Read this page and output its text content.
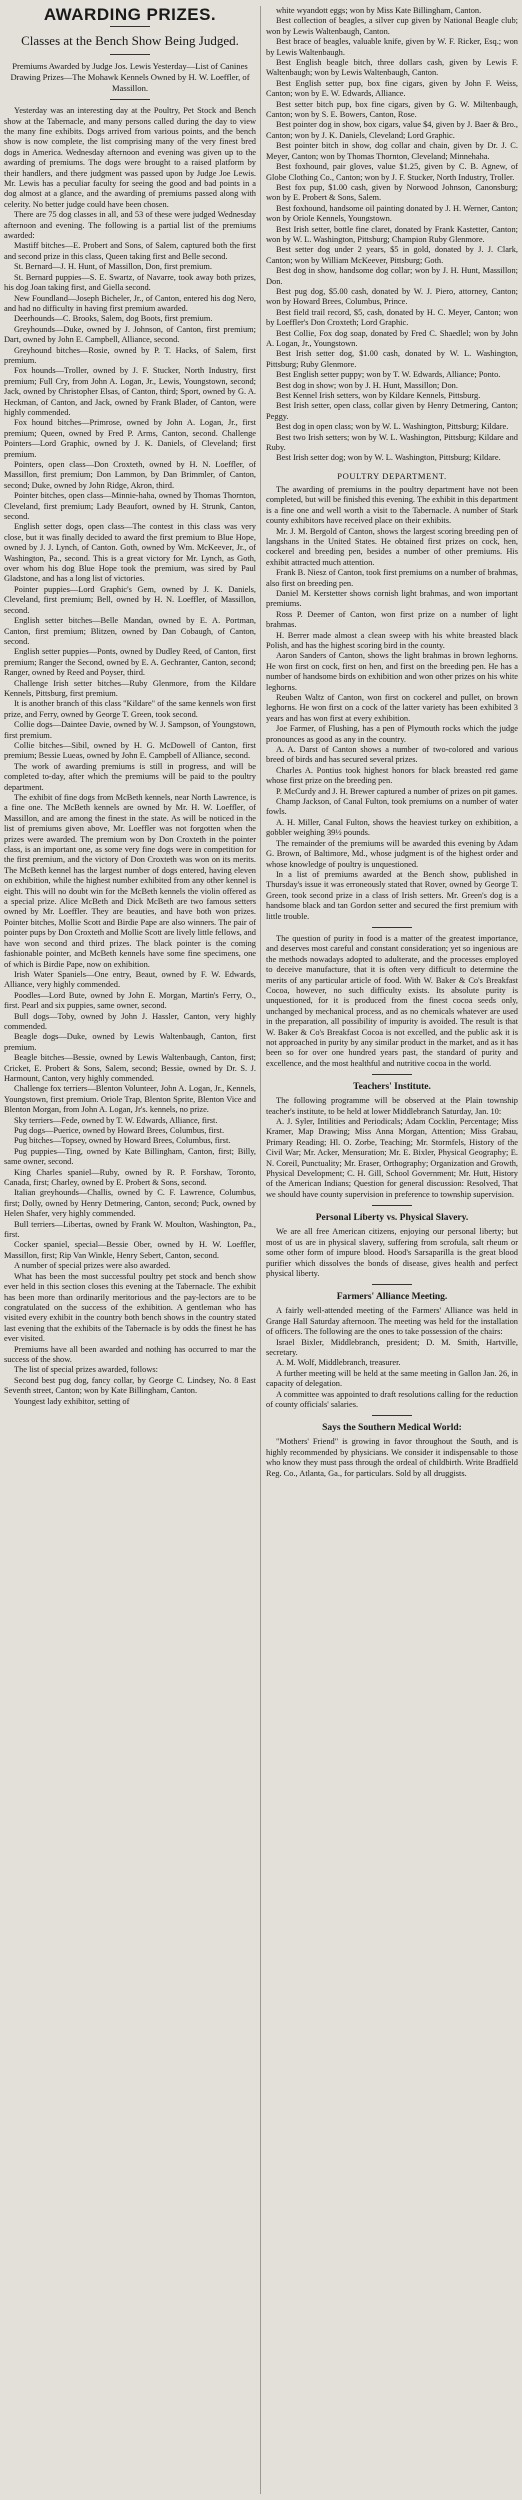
AWARDING PRIZES.
Classes at the Bench Show Being Judged.
Premiums Awarded by Judge Jos. Lewis Yesterday—List of Canines Drawing Prizes—The Mohawk Kennels Owned by H. W. Loeffler, of Massillon.

Yesterday was an interesting day at the Poultry, Pet Stock and Bench show at the Tabernacle, and many persons called during the day to view the many fine exhibits. Dogs arrived from various points, and the bench show is now complete, the list comprising many of the very finest bred dogs in America. Wednesday afternoon and evening was given up to the awarding of premiums. The dogs were brought to a raised platform by their handlers, and there judgment was passed upon by Judge Joe Lewis. Mr. Lewis has a peculiar faculty for seeing the good and bad points in a dog almost at a glance, and the awarding of premiums passed along with celerity. No better judge could have been chosen.

There are 75 dog classes in all, and 53 of these were judged Wednesday afternoon and evening. The following is a partial list of the premiums awarded:

Mastiff bitches—E. Probert and Sons, of Salem, captured both the first and second prize in this class, Queen taking first and Belle second.

St. Bernard—J. H. Hunt, of Massillon, Don, first premium.

St. Bernard puppies—S. E. Swartz, of Navarre, took away both prizes, his dog Joan taking first, and Giella second.

New Foundland—Joseph Bicheler, Jr., of Canton, entered his dog Nero, and had no difficulty in having first premium awarded.

Deerhounds—C. Brooks, Salem, dog Boots, first premium.

Greyhounds—Duke, owned by J. Johnson, of Canton, first premium; Dart, owned by John E. Campbell, Alliance, second.

Greyhound bitches—Rosie, owned by P. T. Hacks, of Salem, first premium.

Fox hounds—Troller, owned by J. F. Stucker, North Industry, first premium; Full Cry, from John A. Logan, Jr., Lewis, Youngstown, second; Jack, owned by Christopher Elsas, of Canton, third; Sport, owned by G. A. Heckman, of Canton, and Jack, owned by Frank Blader, of Canton, were highly commended.

Fox hound bitches—Primrose, owned by John A. Logan, Jr., first premium; Queen, owned by Fred P. Arms, Canton, second. Challenge Pointers—Lord Graphic, owned by J. K. Daniels, of Cleveland; first premium.

Pointers, open class—Don Croxteth, owned by H. N. Loeffler, of Massillon, first premium; Don Lammon, by Dan Brimmler, of Canton, second; Duke, owned by John Ridge, Akron, third.

Pointer bitches, open class—Minnie-haha, owned by Thomas Thornton, Cleveland, first premium; Lady Beaufort, owned by H. Strunk, Canton, second.

English setter dogs, open class—The contest in this class was very close, but it was finally decided to award the first premium to Blue Hope, owned by J. J. Lynch, of Canton. Goth, owned by Wm. McKeever, Jr., of Washington, Pa., second. This is a great victory for Mr. Lynch, as Goth, over whom his dog Blue Hope took the premium, was sired by Paul Gladstone, and has a long list of victories.

Pointer puppies—Lord Graphic's Gem, owned by J. K. Daniels, Cleveland, first premium; Bell, owned by H. N. Loeffler, of Massillon, second.

English setter bitches—Belle Mandan, owned by E. A. Portman, Canton, first premium; Blitzen, owned by Dan Cobaugh, of Canton, second.

English setter puppies—Ponts, owned by Dudley Reed, of Canton, first premium; Ranger the Second, owned by E. A. Gechranter, Canton, second; Ranger, owned by Reed and Poyser, third.

Challenge Irish setter bitches—Ruby Glenmore, from the Kildare Kennels, Pittsburg, first premium.

It is another branch of this class "Kildare" of the same kennels won first prize, and Ferry, owned by George T. Green, took second.

Collie dogs—Daintee Davie, owned by W. J. Sampson, of Youngstown, first premium.

Collie bitches—Sibil, owned by H. G. McDowell of Canton, first premium; Bessie Lueas, owned by John E. Campbell of Alliance, second.

The work of awarding premiums is still in progress, and will be completed to-day, after which the premiums will be paid to the poultry department.

The exhibit of fine dogs from McBeth kennels, near North Lawrence, is a fine one. The McBeth kennels are owned by Mr. H. W. Loeffler, of Massillon, and are among the finest in the state. As will be noticed in the list of premiums given above, Mr. Loeffler was not forgotten when the prizes were awarded. The premium won by Don Croxteth in the pointer class, is an important one, as some very fine dogs were in competition for the first premium, and the victory of Don Croxteth was won on its merits. The McBeth kennel has the largest number of dogs entered, having eleven on exhibition, while the highest number exhibited from any other kennel is eight. This will no doubt win for the McBeth kennels the violin offered as a special prize. Alice McBeth and Dick McBeth are two famous setters owned by Mr. Loeffler. They are beauties, and have both won prizes. Pointer bitches, Mollie Scott and Birdie Pape are also winners. The pair of pointer pups by Don Croxteth and Mollie Scott are lively little fellows, and have won second and third prizes. The black pointer is the coming fashionable pointer, and McBeth kennels have some fine specimens, one of which is Birdie Pape, now on exhibition.

Irish Water Spaniels—One entry, Beaut, owned by F. W. Edwards, Alliance, very highly commended.

Poodles—Lord Bute, owned by John E. Morgan, Martin's Ferry, O., first. Pearl and six puppies, same owner, second.

Bull dogs—Toby, owned by John J. Hassler, Canton, very highly commended.

Beagle dogs—Duke, owned by Lewis Waltenbaugh, Canton, first premium.

Beagle bitches—Bessie, owned by Lewis Waltenbaugh, Canton, first; Cricket, E. Probert & Sons, Salem, second; Bessie, owned by Dr. S. J. Harmount, Canton, very highly commended.

Challenge fox terriers—Blenton Volunteer, John A. Logan, Jr., Kennels, Youngstown, first premium. Oriole Trap, Blenton Sprite, Blenton Vice and Blenton Morgan, from John A. Logan, Jr's. kennels, no prize.

Sky terriers—Fede, owned by T. W. Edwards, Alliance, first.

Pug dogs—Puerice, owned by Howard Brees, Columbus, first.

Pug bitches—Topsey, owned by Howard Brees, Columbus, first.

Pug puppies—Ting, owned by Kate Billingham, Canton, first; Billy, same owner, second.

King Charles spaniel—Ruby, owned by R. P. Forshaw, Toronto, Canada, first; Charley, owned by E. Probert & Sons, second.

Italian greyhounds—Challis, owned by C. F. Lawrence, Columbus, first; Dolly, owned by Henry Detmering, Canton, second; Puck, owned by Helen Shafer, very highly commended.

Bull terriers—Libertas, owned by Frank W. Moulton, Washington, Pa., first.

Cocker spaniel, special—Bessie Ober, owned by H. W. Loeffler, Massillon, first; Rip Van Winkle, Henry Sebert, Canton, second.

A number of special prizes were also awarded.

What has been the most successful poultry pet stock and bench show ever held in this section closes this evening at the Tabernacle. The exhibit has been more than ordinarily meritorious and the pay-lectors are to be congratulated on the success of the exhibition. A gentleman who has visited every exhibit in the country both bench shows in the country stated last evening that the exhibits of the Tabernacle is by odds the finest he has ever visited.

Premiums have all been awarded and nothing has occurred to mar the success of the show.

The list of special prizes awarded, follows:

Second best pug dog, fancy collar, by George C. Lindsey, No. 8 East Seventh street, Canton; won by Kate Billingham, Canton.

Youngest lady exhibitor, setting of

white wyandott eggs; won by Miss Kate Billingham, Canton.

Best collection of beagles, a silver cup given by National Beagle club; won by Lewis Waltenbaugh, Canton.

Best brace of beagles, valuable knife, given by W. F. Ricker, Esq.; won by Lewis Waltenbaugh.

Best English beagle bitch, three dollars cash, given by Lewis F. Waltenbaugh; won by Lewis Waltenbaugh, Canton.

Best English setter pup, box fine cigars, given by John F. Weiss, Canton; won by E. W. Edwards, Alliance.

Best setter bitch pup, box fine cigars, given by G. W. Miltenbaugh, Canton; won by S. E. Bowers, Canton, Rose.

Best pointer dog in show, box cigars, value $4, given by J. Baer & Bro., Canton; won by J. K. Daniels, Cleveland; Lord Graphic.

Best pointer bitch in show, dog collar and chain, given by Dr. J. C. Meyer, Canton; won by Thomas Thornton, Cleveland; Minnehaha.

Best foxhound, pair gloves, value $1.25, given by C. B. Agnew, of Globe Clothing Co., Canton; won by J. F. Stucker, North Industry, Troller.

Best fox pup, $1.00 cash, given by Norwood Johnson, Canonsburg; won by E. Probert & Sons, Salem.

Best foxhound, handsome oil painting donated by J. H. Werner, Canton; won by Oriole Kennels, Youngstown.

Best Irish setter, bottle fine claret, donated by Frank Kastetter, Canton; won by W. L. Washington, Pittsburg; Champion Ruby Glenmore.

Best setter dog under 2 years, $5 in gold, donated by J. J. Clark, Canton; won by William McKeever, Pittsburg; Goth.

Best dog in show, handsome dog collar; won by J. H. Hunt, Massillon; Don.

Best pug dog, $5.00 cash, donated by W. J. Piero, attorney, Canton; won by Howard Brees, Columbus, Prince.

Best field trail record, $5, cash, donated by H. C. Meyer, Canton; won by Loeffler's Don Croxteth; Lord Graphic.

Best Collie, Fox dog soap, donated by Fred C. Shaedlel; won by John A. Logan, Jr., Youngstown.

Best Irish setter dog, $1.00 cash, donated by W. L. Washington, Pittsburg; Ruby Glenmore.

Best English setter puppy; won by T. W. Edwards, Alliance; Ponto.

Best dog in show; won by J. H. Hunt, Massillon; Don.

Best Kennel Irish setters, won by Kildare Kennels, Pittsburg.

Best Irish setter, open class, collar given by Henry Detmering, Canton; Peggy.

Best dog in open class; won by W. L. Washington, Pittsburg; Kildare.

Best two Irish setters; won by W. L. Washington, Pittsburg; Kildare and Ruby.

Best Irish setter dog; won by W. L. Washington, Pittsburg; Kildare.

POULTRY DEPARTMENT.

The awarding of premiums in the poultry department have not been completed, but will be finished this evening. The exhibit in this department is a fine one and well worth a visit to the Tabernacle. A number of Stark county exhibitors have received place on their exhibits.

Mr. J. M. Bergold of Canton, shows the largest scoring breeding pen of langshans in the United States. He obtained first prizes on cock, hen, cockerel and breeding pen, besides a number of other premiums. His exhibit attracted much attention.

Frank B. Niesz of Canton, took first premiums on a number of brahmas, also first on breeding pen.

Daniel M. Kerstetter shows cornish light brahmas, and won important premiums.

Ross P. Deemer of Canton, won first prize on a number of light brahmas.

H. Berrer made almost a clean sweep with his white breasted black Polish, and has the highest scoring bird in the county.

Aaron Sanders of Canton, shows the light brahmas in brown leghorns. He won first on cock, first on hen, and first on the breeding pen. He has a number of handsome birds on exhibition and won other prizes on his white leghorns.

Reuben Waltz of Canton, won first on cockerel and pullet, on brown leghorns. He won first on a cock of the latter variety has been exhibited 3 years and has won first at every exhibition.

Joe Farmer, of Flushing, has a pen of Plymouth rocks which the judge pronounces as good as any in the country.

A. A. Darst of Canton shows a number of two-colored and various breed of birds and has secured several prizes.

Charles A. Pontius took highest honors for black breasted red game whose first prize on the breeding pen.

P. McCurdy and J. H. Brewer captured a number of prizes on pit games.

Champ Jackson, of Canal Fulton, took premiums on a number of water fowls.

A. H. Miller, Canal Fulton, shows the heaviest turkey on exhibition, a gobbler weighing 39½ pounds.

The remainder of the premiums will be awarded this evening by Adam G. Brown, of Baltimore, Md., whose judgment is of the highest order and whose knowledge of poultry is unquestioned.

In a list of premiums awarded at the Bench show, published in Thursday's issue it was erroneously stated that Rover, owned by George T. Green, took second prize in a class of Irish setters. Mr. Green's dog is a handsome black and tan Gordon setter and secured the first premium with little trouble.

The question of purity in food is a matter of the greatest importance, and deserves most careful and constant consideration; yet so ingenious are the methods nowadays adopted to adulterate, and the processes employed to deceive manufacture, that it is often very difficult to determine the merits of any particular article of food. With W. Baker & Co's Breakfast Cocoa, however, no such difficulty exists. Its absolute purity is unquestioned, for it is produced from the finest cocoa seeds only, unchanged by mechanical process, and as no chemicals whatever are used in the preparation, all possibility of impurity is avoided. The result is that W. Baker & Co's Breakfast Cocoa is not excelled, and the public ask it is not approached in purity by any similar product in the market, and as it has been so for over one hundred years past, the standard of purity and excellence, and the most healthful and nutritive cocoa in the world.

Teachers' Institute.

The following programme will be observed at the Plain township teacher's institute, to be held at lower Middlebranch Saturday, Jan. 10:

A. J. Syler, Intilities and Periodicals; Adam Cocklin, Percentage; Miss Kramer, Map Drawing; Miss Anna Morgan, Attention; Miss Grabau, Primary Reading; Hl. O. Zorbe, Teaching; Mr. Stormfels, History of the Civil War; Mr. Acker, Mensuration; Mr. E. Bixler, Physical Geography; E. N. Coreil, Punctuality; Mr. Eraser, Orthography; Organization and Growth, Physical Development; C. H. Gill, School Government; Mr. Hutt, History of the American Indians; Question for general discussion: Resolved, That we should have county supervision in preference to township supervision.

Personal Liberty vs. Physical Slavery.

We are all free American citizens, enjoying our personal liberty; but most of us are in physical slavery, suffering from scrofula, salt rheum or some other form of impure blood. Hood's Sarsaparilla is the great blood purifier which dissolves the bonds of disease, gives health and perfect physical liberty.

Farmers' Alliance Meeting.

A fairly well-attended meeting of the Farmers' Alliance was held in Grange Hall Saturday afternoon. The meeting was held for the installation of officers. The following are the ones to take possession of the chairs:

Israel Bixler, Middlebranch, president; D. M. Smith, Hartville, secretary.

A. M. Wolf, Middlebranch, treasurer.

A further meeting will be held at the same meeting in Gallon Jan. 26, in capacity of delegation.

A committee was appointed to draft resolutions calling for the reduction of county officials' salaries.

Says the Southern Medical World:

"Mothers' Friend" is growing in favor throughout the South, and is highly recommended by physicians. We consider it indispensable to those who know they must pass through the ordeal of childbirth. Write Bradfield Reg. Co., Atlanta, Ga., for particulars. Sold by all druggists.
